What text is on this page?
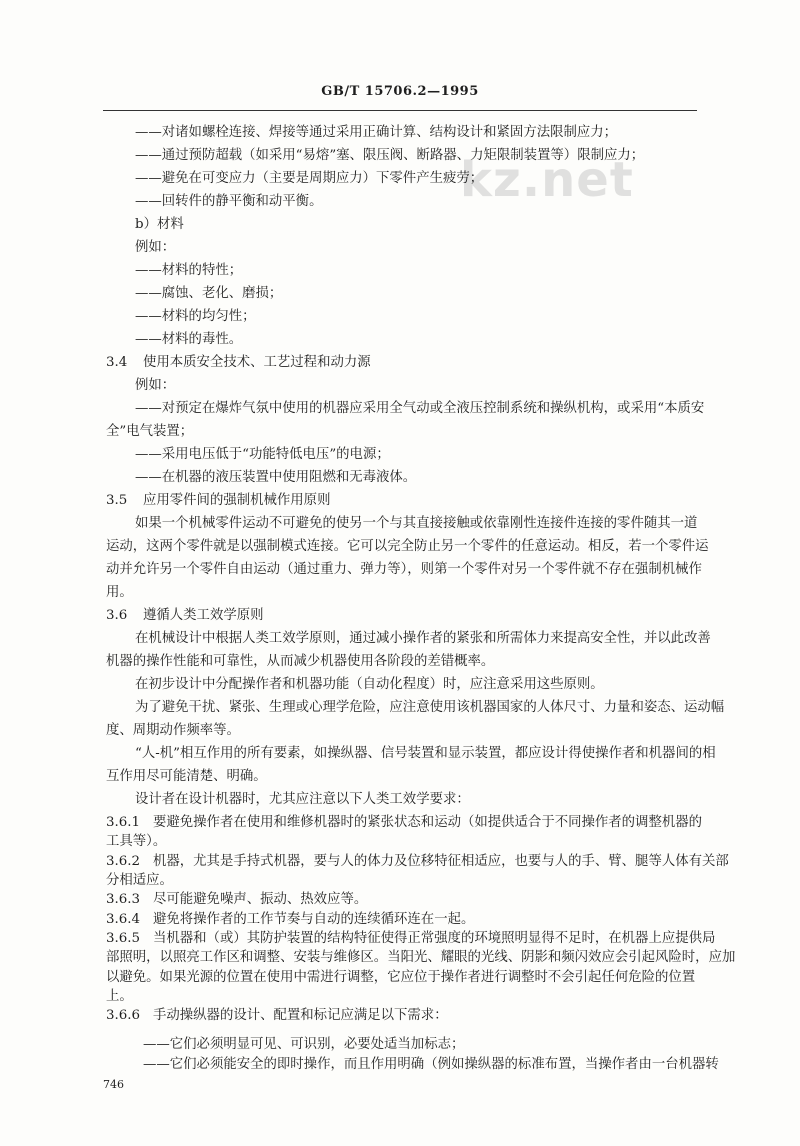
GB/T 15706.2—1995
kz.net
——对诸如螺栓连接、焊接等通过采用正确计算、结构设计和紧固方法限制应力；
——通过预防超载（如采用“易熔”塞、限压阀、断路器、力矩限制装置等）限制应力；
——避免在可变应力（主要是周期应力）下零件产生疲劳；
——回转件的静平衡和动平衡。
b）材料
例如：
——材料的特性；
——腐蚀、老化、磨损；
——材料的均匀性；
——材料的毒性。
3.4 使用本质安全技术、工艺过程和动力源
例如：
——对预定在爆炸气氛中使用的机器应采用全气动或全液压控制系统和操纵机构，或采用“本质安
全”电气装置；
——采用电压低于“功能特低电压”的电源；
——在机器的液压装置中使用阻燃和无毒液体。
3.5 应用零件间的强制机械作用原则
如果一个机械零件运动不可避免的使另一个与其直接接触或依靠刚性连接件连接的零件随其一道
运动，这两个零件就是以强制模式连接。它可以完全防止另一个零件的任意运动。相反，若一个零件运
动并允许另一个零件自由运动（通过重力、弹力等），则第一个零件对另一个零件就不存在强制机械作
用。
3.6 遵循人类工效学原则
在机械设计中根据人类工效学原则，通过减小操作者的紧张和所需体力来提高安全性，并以此改善
机器的操作性能和可靠性，从而减少机器使用各阶段的差错概率。
在初步设计中分配操作者和机器功能（自动化程度）时，应注意采用这些原则。
为了避免干扰、紧张、生理或心理学危险，应注意使用该机器国家的人体尺寸、力量和姿态、运动幅
度、周期动作频率等。
“人-机”相互作用的所有要素，如操纵器、信号装置和显示装置，都应设计得使操作者和机器间的相
互作用尽可能清楚、明确。
设计者在设计机器时，尤其应注意以下人类工效学要求：
3.6.1 要避免操作者在使用和维修机器时的紧张状态和运动（如提供适合于不同操作者的调整机器的
工具等）。
3.6.2 机器，尤其是手持式机器，要与人的体力及位移特征相适应，也要与人的手、臂、腿等人体有关部
分相适应。
3.6.3 尽可能避免噪声、振动、热效应等。
3.6.4 避免将操作者的工作节奏与自动的连续循环连在一起。
3.6.5 当机器和（或）其防护装置的结构特征使得正常强度的环境照明显得不足时，在机器上应提供局
部照明，以照亮工作区和调整、安装与维修区。当阳光、耀眼的光线、阴影和频闪效应会引起风险时，应加
以避免。如果光源的位置在使用中需进行调整，它应位于操作者进行调整时不会引起任何危险的位置
上。
3.6.6 手动操纵器的设计、配置和标记应满足以下需求：
——它们必须明显可见、可识别，必要处适当加标志；
——它们必须能安全的即时操作，而且作用明确（例如操纵器的标准布置，当操作者由一台机器转
746
